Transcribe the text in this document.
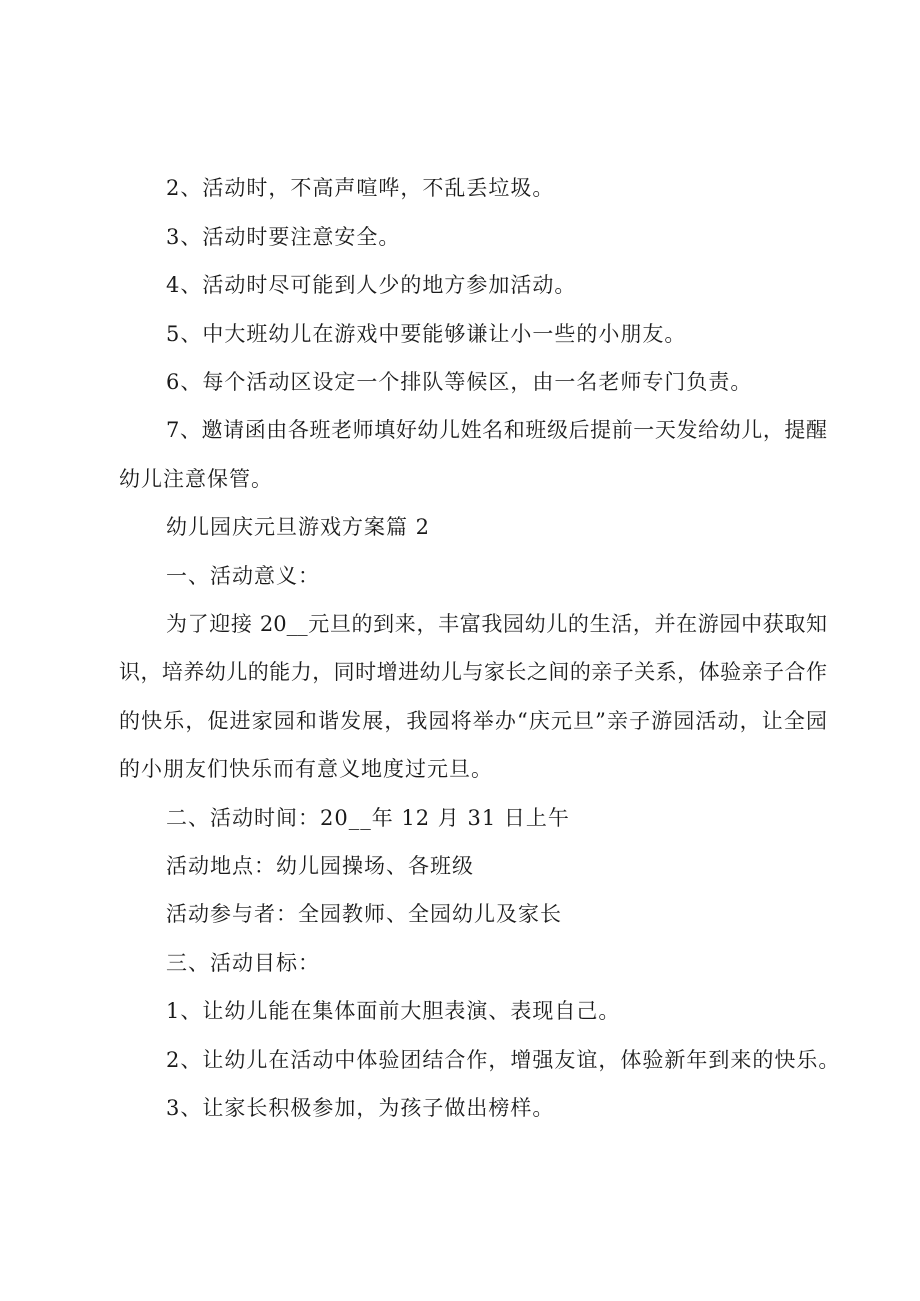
2、活动时，不高声喧哗，不乱丢垃圾。
3、活动时要注意安全。
4、活动时尽可能到人少的地方参加活动。
5、中大班幼儿在游戏中要能够谦让小一些的小朋友。
6、每个活动区设定一个排队等候区，由一名老师专门负责。
7、邀请函由各班老师填好幼儿姓名和班级后提前一天发给幼儿，提醒
幼儿注意保管。
幼儿园庆元旦游戏方案篇 2
一、活动意义：
为了迎接 20__元旦的到来，丰富我园幼儿的生活，并在游园中获取知
识，培养幼儿的能力，同时增进幼儿与家长之间的亲子关系，体验亲子合作
的快乐，促进家园和谐发展，我园将举办“庆元旦”亲子游园活动，让全园
的小朋友们快乐而有意义地度过元旦。
二、活动时间：20__年 12 月 31 日上午
活动地点：幼儿园操场、各班级
活动参与者：全园教师、全园幼儿及家长
三、活动目标：
1、让幼儿能在集体面前大胆表演、表现自己。
2、让幼儿在活动中体验团结合作，增强友谊，体验新年到来的快乐。
3、让家长积极参加，为孩子做出榜样。
